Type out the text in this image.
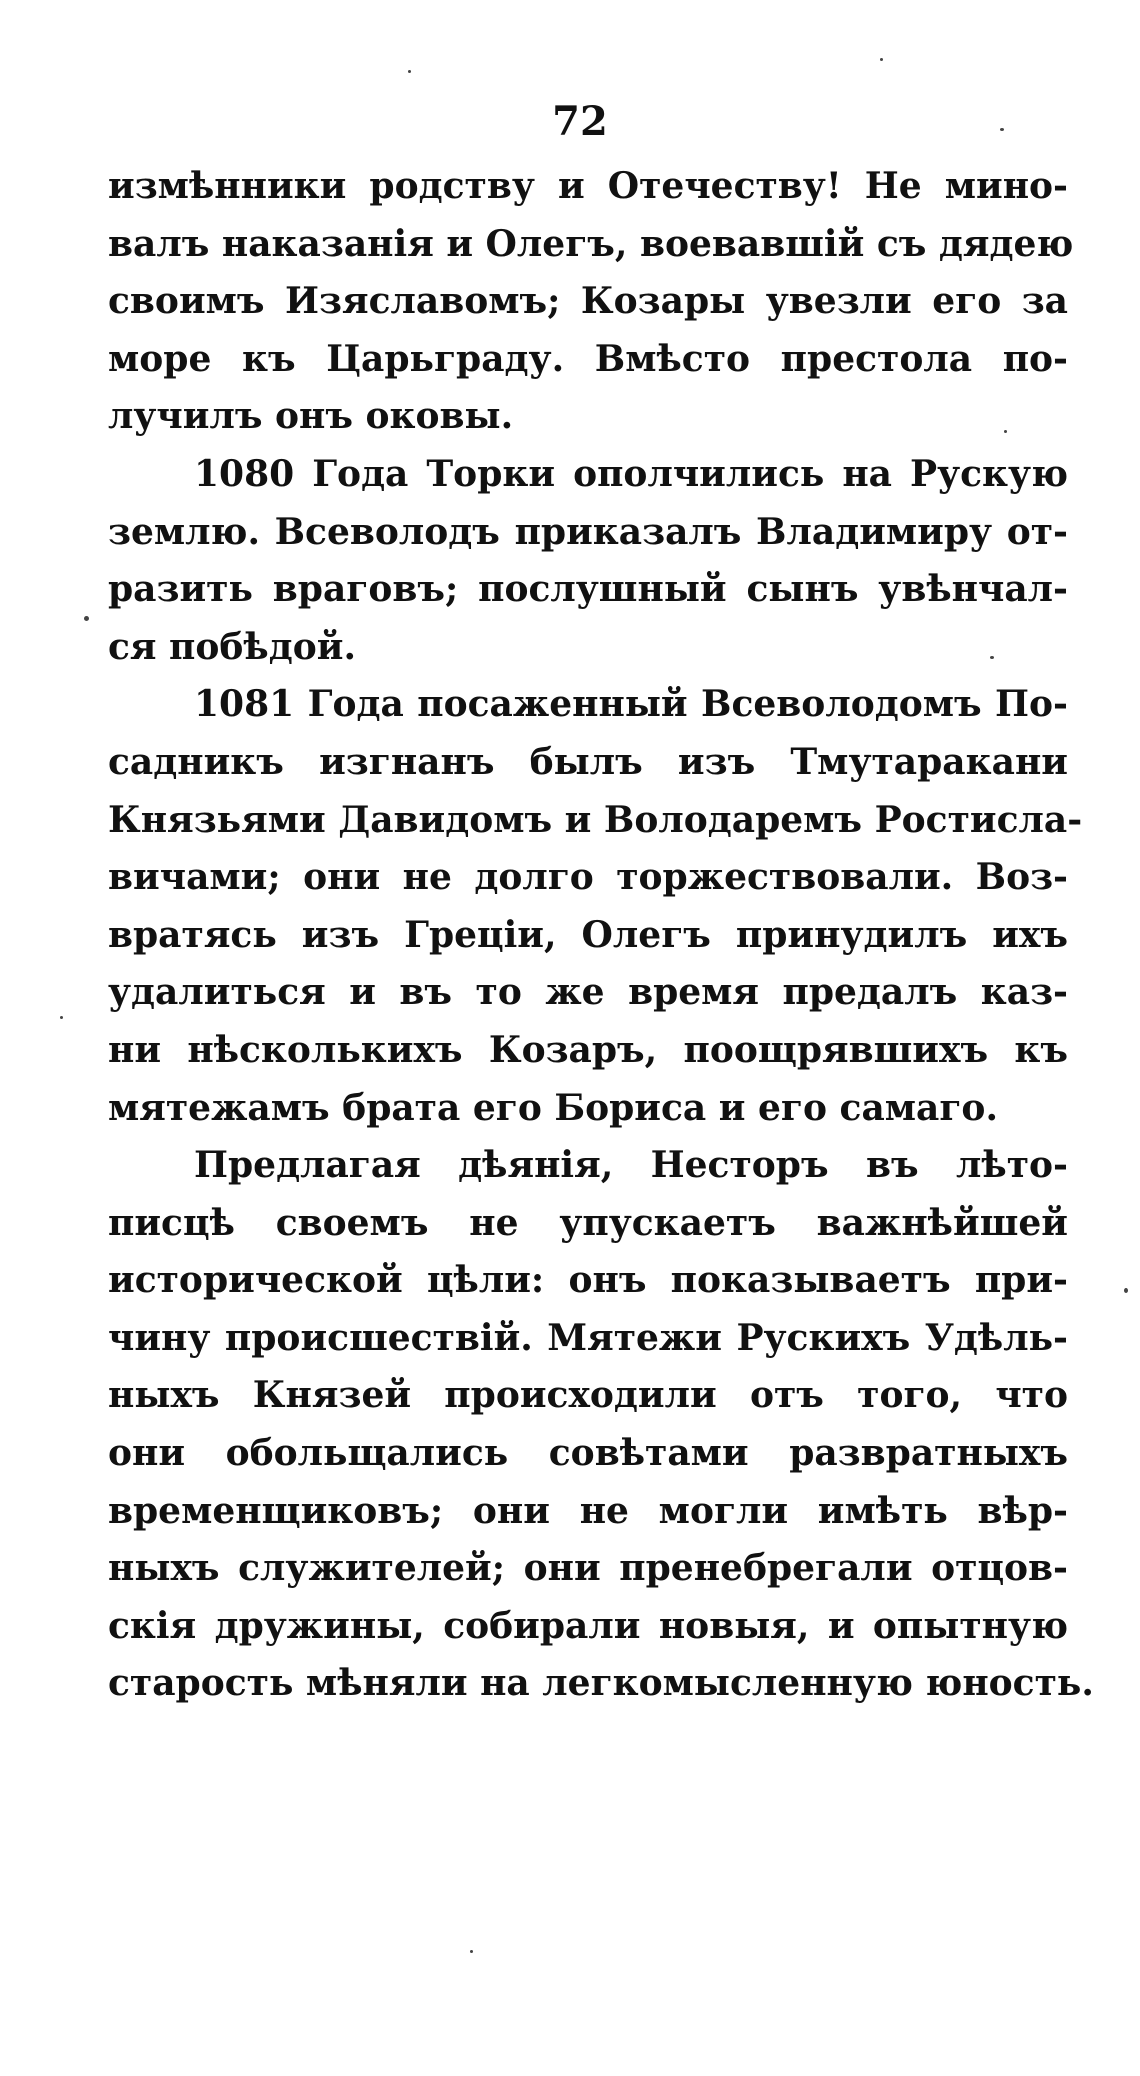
72
измѣнники родству и Отечеству! Не мино-
валъ наказанія и Олегъ, воевавшій съ дядею
своимъ Изяславомъ; Козары увезли его за
море къ Царьграду. Вмѣсто престола по-
лучилъ онъ оковы.
1080 Года Торки ополчились на Рускую
землю. Всеволодъ приказалъ Владимиру от-
разить враговъ; послушный сынъ увѣнчал-
ся побѣдой.
1081 Года посаженный Всеволодомъ По-
садникъ изгнанъ былъ изъ Тмутаракани
Князьями Давидомъ и Володаремъ Ростисла-
вичами; они не долго торжествовали. Воз-
вратясь изъ Греціи, Олегъ принудилъ ихъ
удалиться и въ то же время предалъ каз-
ни нѣсколькихъ Козаръ, поощрявшихъ къ
мятежамъ брата его Бориса и его самаго.
Предлагая дѣянія, Несторъ въ лѣто-
писцѣ своемъ не упускаетъ важнѣйшей
исторической цѣли: онъ показываетъ при-
чину происшествій. Мятежи Рускихъ Удѣль-
ныхъ Князей происходили отъ того, что
они обольщались совѣтами развратныхъ
временщиковъ; они не могли имѣть вѣр-
ныхъ служителей; они пренебрегали отцов-
скія дружины, собирали новыя, и опытную
старость мѣняли на легкомысленную юность.
